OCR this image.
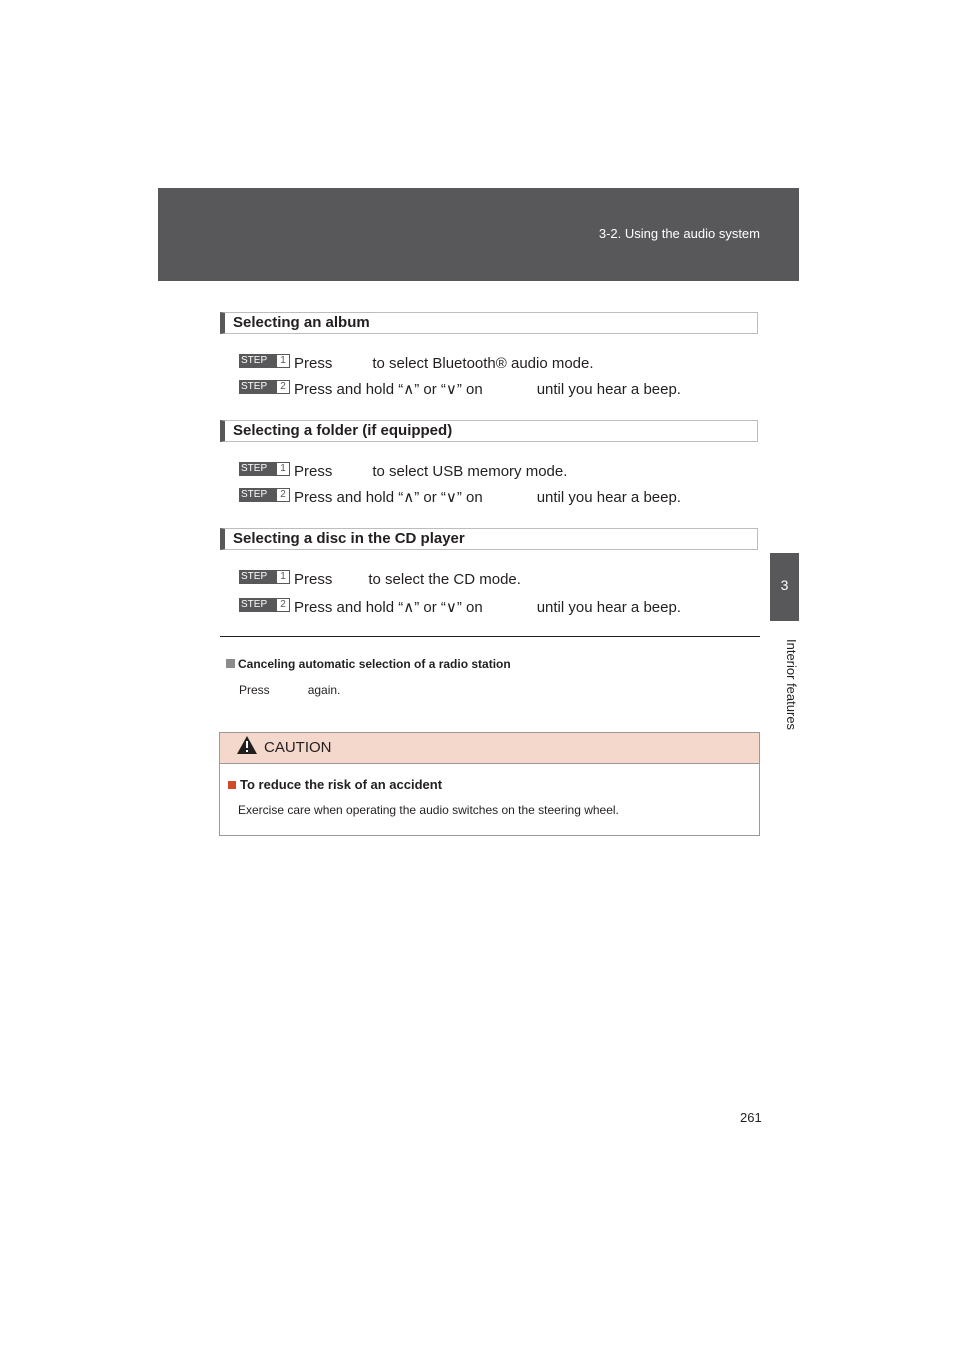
3-2. Using the audio system
3
Interior features
Selecting an album
STEP	1 Press	to select Bluetooth® audio mode.
STEP	2 Press and hold “∧” or “∨” on	until you hear a beep.
Selecting a folder (if equipped)
STEP	1 Press	to select USB memory mode.
STEP	2 Press and hold “∧” or “∨” on	until you hear a beep.
Selecting a disc in the CD player
STEP	1 Press to select the CD mode.
STEP	2 Press and hold “∧” or “∨” on	until you hear a beep.
Canceling automatic selection of a radio station
Press	again.
CAUTION
To reduce the risk of an accident
Exercise care when operating the audio switches on the steering wheel.
261
